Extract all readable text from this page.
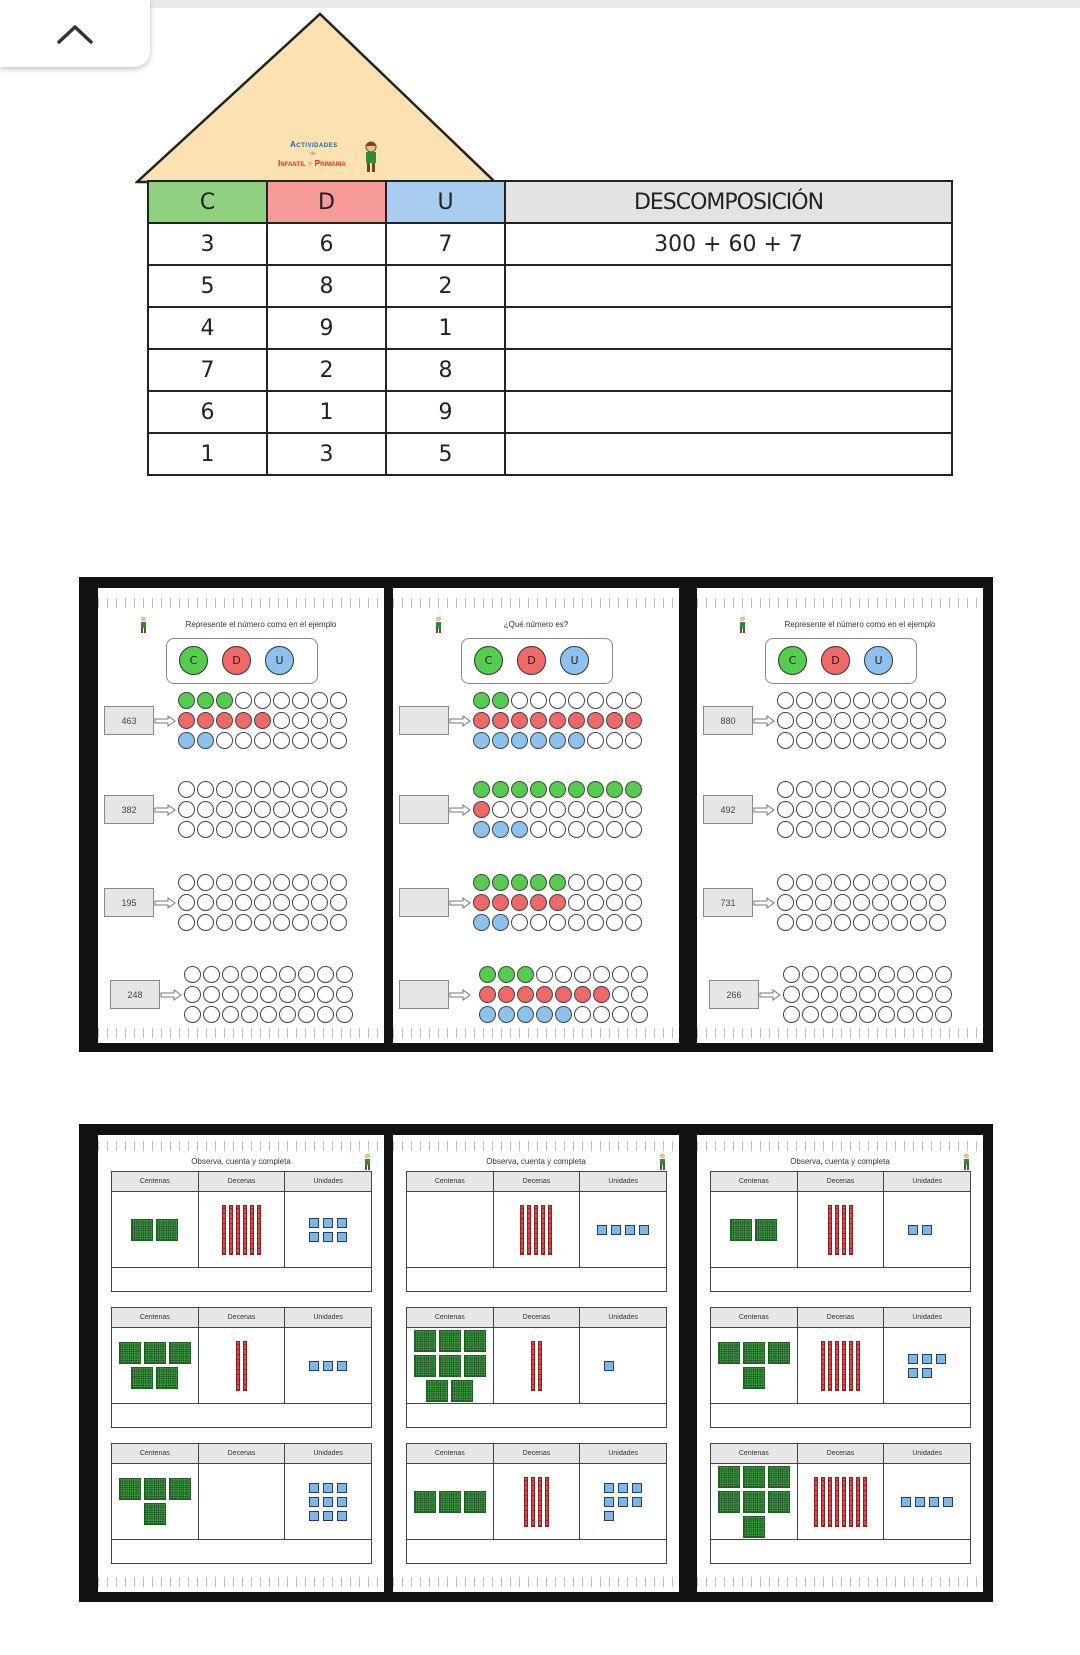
Actividades
de
Infantil y Primaria
C	D	U	DESCOMPOSICIÓN
3	6	7	300 + 60 + 7
5	8	2	
4	9	1	
7	2	8	
6	1	9	
1	3	5	
Represente el número como en el ejemplo
C	D	U
463
382
195
248
¿Qué número es?
C	D	U
Represente el número como en el ejemplo
C	D	U
880
492
731
266
Observa, cuenta y completa
Centenas	Decenas	Unidades

Centenas	Decenas	Unidades

Centenas	Decenas	Unidades

Observa, cuenta y completa
Centenas	Decenas	Unidades

Centenas	Decenas	Unidades

Centenas	Decenas	Unidades

Observa, cuenta y completa
Centenas	Decenas	Unidades

Centenas	Decenas	Unidades

Centenas	Decenas	Unidades
